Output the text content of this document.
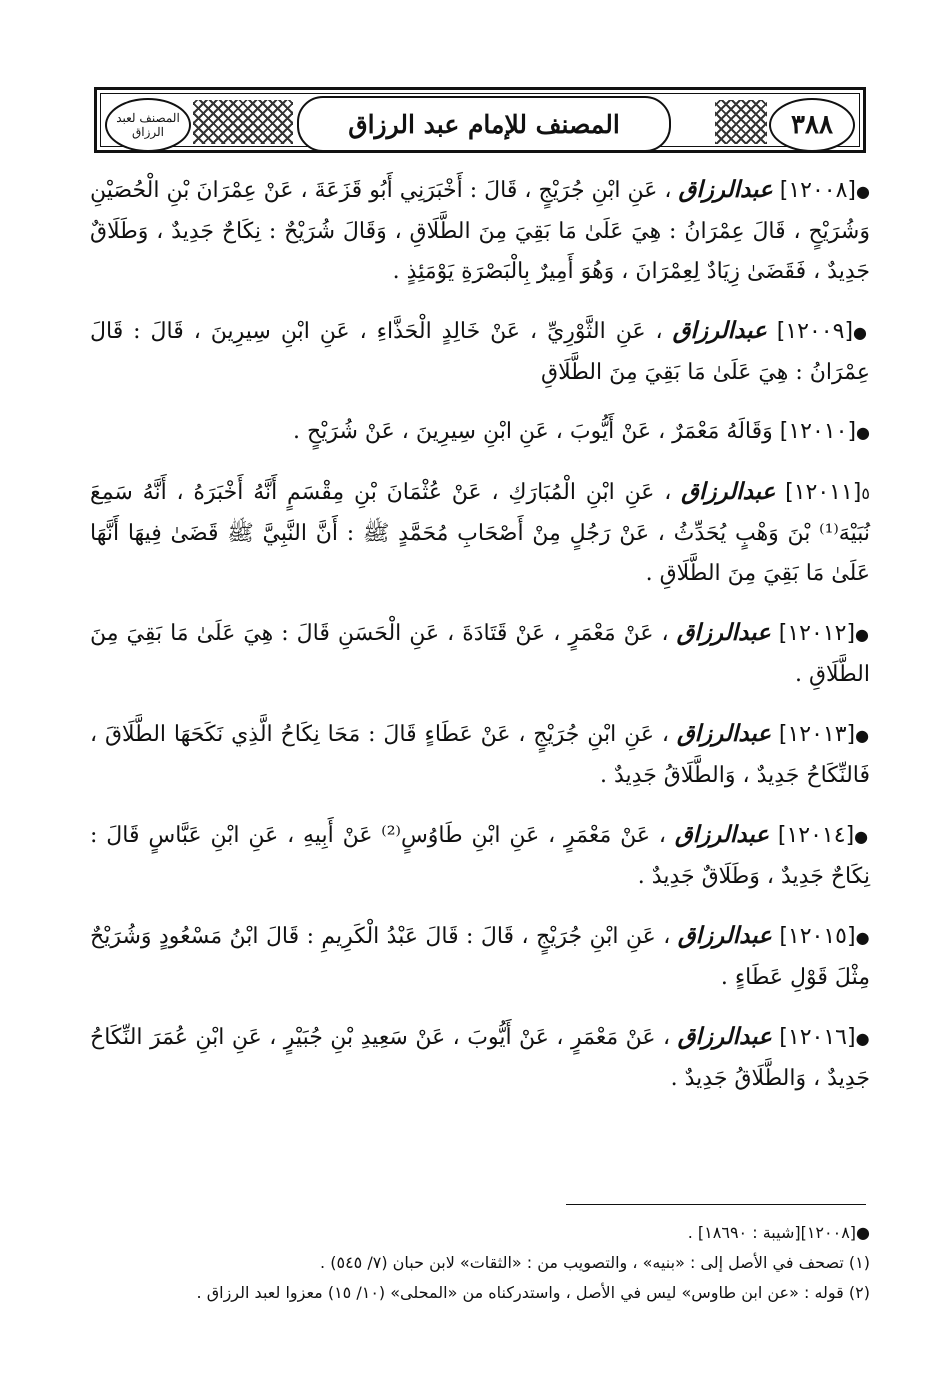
المصنف لعبد الرزاق	المصنف للإمام عبد الرزاق	٣٨٨

●[١٢٠٠٨] عبدالرزاق ، عَنِ ابْنِ جُرَيْجٍ ، قَالَ : أَخْبَرَنِي أَبُو قَزَعَةَ ، عَنْ عِمْرَانَ بْنِ الْحُصَيْنِ وَشُرَيْحٍ ، قَالَ عِمْرَانُ : هِيَ عَلَىٰ مَا بَقِيَ مِنَ الطَّلَاقِ ، وَقَالَ شُرَيْحٌ : نِكَاحٌ جَدِيدٌ ، وَطَلَاقٌ جَدِيدٌ ، فَقَضَىٰ زِيَادٌ لِعِمْرَانَ ، وَهُوَ أَمِيرٌ بِالْبَصْرَةِ يَوْمَئِذٍ .

●[١٢٠٠٩] عبدالرزاق ، عَنِ الثَّوْرِيِّ ، عَنْ خَالِدٍ الْحَذَّاءِ ، عَنِ ابْنِ سِيرِينَ ، قَالَ : قَالَ عِمْرَانُ : هِيَ عَلَىٰ مَا بَقِيَ مِنَ الطَّلَاقِ

●[١٢٠١٠] وَقَالَهُ مَعْمَرٌ ، عَنْ أَيُّوبَ ، عَنِ ابْنِ سِيرِينَ ، عَنْ شُرَيْحٍ .

٥[١٢٠١١] عبدالرزاق ، عَنِ ابْنِ الْمُبَارَكِ ، عَنْ عُثْمَانَ بْنِ مِقْسَمٍ أَنَّهُ أَخْبَرَهُ ، أَنَّهُ سَمِعَ نُبَيْهَ⁽¹⁾ بْنَ وَهْبٍ يُحَدِّثُ ، عَنْ رَجُلٍ مِنْ أَصْحَابِ مُحَمَّدٍ ﷺ : أَنَّ النَّبِيَّ ﷺ قَضَىٰ فِيهَا أَنَّهَا عَلَىٰ مَا بَقِيَ مِنَ الطَّلَاقِ .

●[١٢٠١٢] عبدالرزاق ، عَنْ مَعْمَرٍ ، عَنْ قَتَادَةَ ، عَنِ الْحَسَنِ قَالَ : هِيَ عَلَىٰ مَا بَقِيَ مِنَ الطَّلَاقِ .

●[١٢٠١٣] عبدالرزاق ، عَنِ ابْنِ جُرَيْجٍ ، عَنْ عَطَاءٍ قَالَ : مَحَا نِكَاحُ الَّذِي نَكَحَهَا الطَّلَاقَ ، فَالنِّكَاحُ جَدِيدٌ ، وَالطَّلَاقُ جَدِيدٌ .

●[١٢٠١٤] عبدالرزاق ، عَنْ مَعْمَرٍ ، عَنِ ابْنِ طَاوُسٍ⁽²⁾ عَنْ أَبِيهِ ، عَنِ ابْنِ عَبَّاسٍ قَالَ : نِكَاحٌ جَدِيدٌ ، وَطَلَاقٌ جَدِيدٌ .

●[١٢٠١٥] عبدالرزاق ، عَنِ ابْنِ جُرَيْجٍ ، قَالَ : قَالَ عَبْدُ الْكَرِيمِ : قَالَ ابْنُ مَسْعُودٍ وَشُرَيْحٌ مِثْلَ قَوْلِ عَطَاءٍ .

●[١٢٠١٦] عبدالرزاق ، عَنْ مَعْمَرٍ ، عَنْ أَيُّوبَ ، عَنْ سَعِيدِ بْنِ جُبَيْرٍ ، عَنِ ابْنِ عُمَرَ النِّكَاحُ جَدِيدٌ ، وَالطَّلَاقُ جَدِيدٌ .

●[١٢٠٠٨][شيبة : ١٨٦٩٠] .
(١) تصحف في الأصل إلى : «بنيه» ، والتصويب من : «الثقات» لابن حبان (٧/ ٥٤٥) .
(٢) قوله : «عن ابن طاوس» ليس في الأصل ، واستدركناه من «المحلى» (١٠/ ١٥) معزوا لعبد الرزاق .
